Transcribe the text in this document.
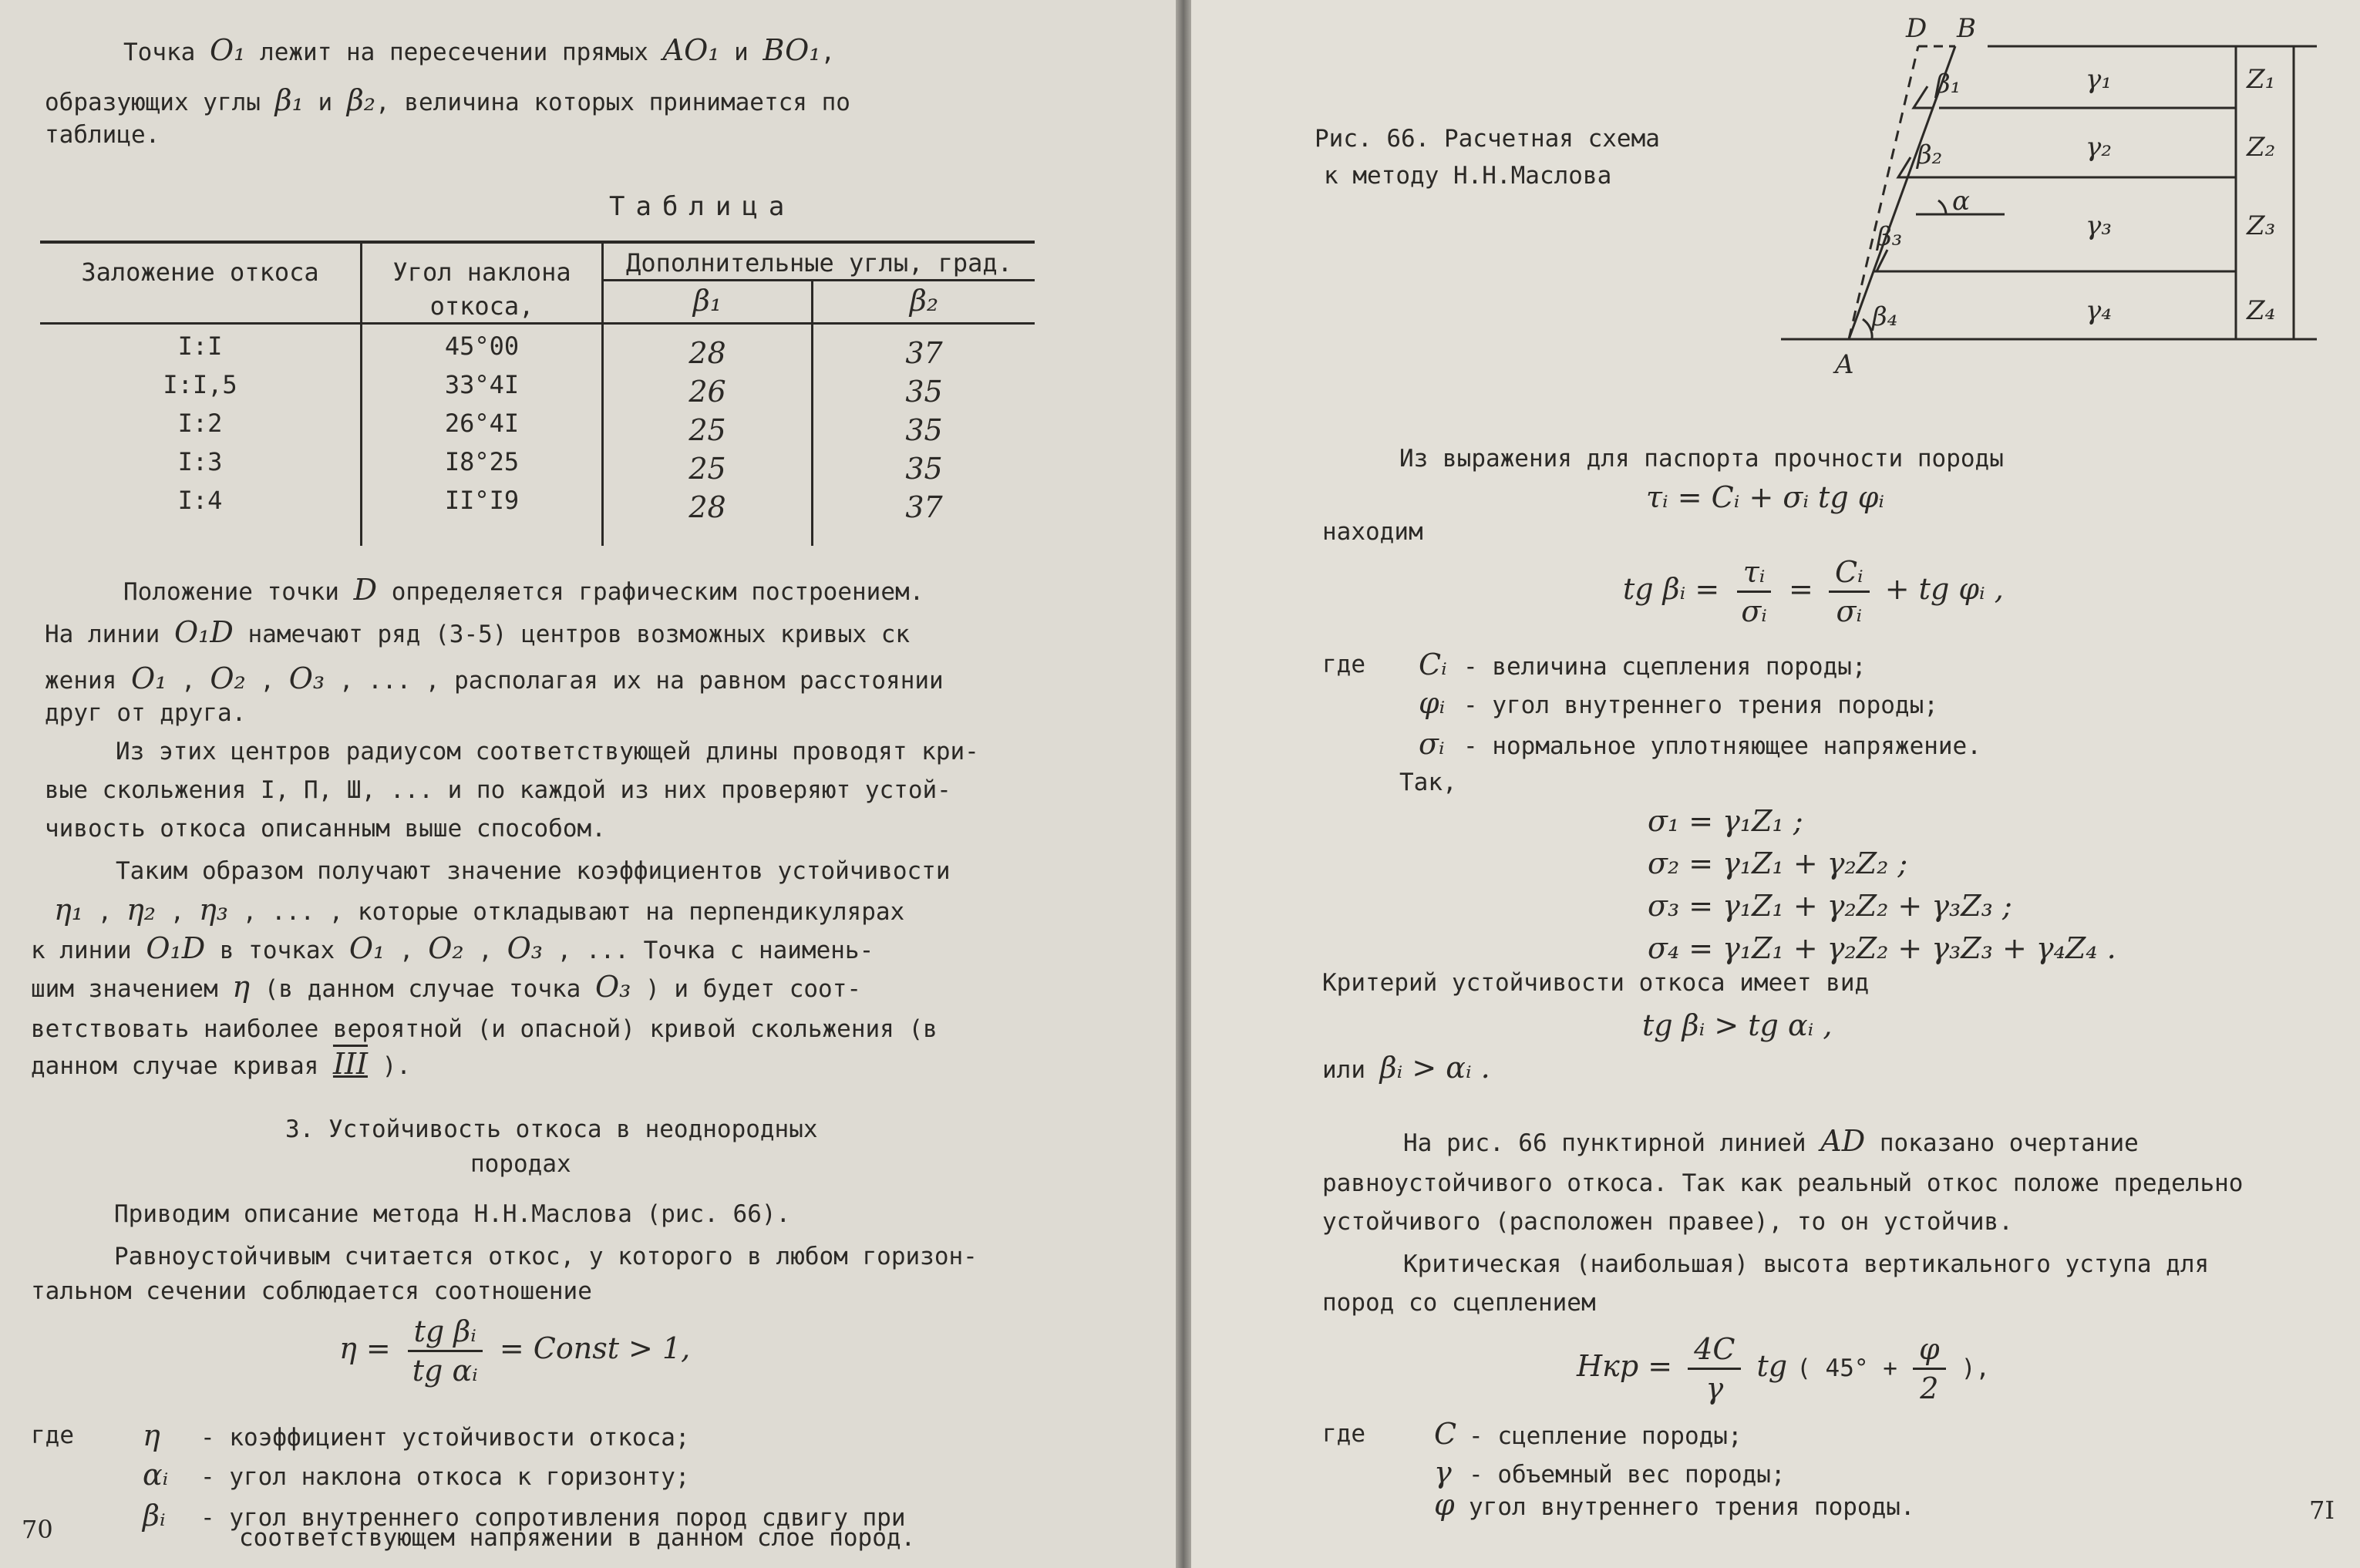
Точка O₁ лежит на пересечении прямых AO₁ и BO₁,
образующих углы β₁ и β₂, величина которых принимается по
таблице.
Таблица
Заложение откоса	Угол наклона
откоса,
Дополнительные углы, град.
β₁	β₂
I:I	45°00	28	37
I:I,5	33°4I	26	35
I:2	26°4I	25	35
I:3	I8°25	25	35
I:4	II°I9	28	37
Положение точки D определяется графическим построением.
На линии O₁D намечают ряд (3-5) центров возможных кривых ск
жения O₁ , O₂ , O₃ , ... , располагая их на равном расстоянии
друг от друга.
Из этих центров радиусом соответствующей длины проводят кри-
вые скольжения I, П, Ш, ... и по каждой из них проверяют устой-
чивость откоса описанным выше способом.
Таким образом получают значение коэффициентов устойчивости
η₁ , η₂ , η₃ , ... , которые откладывают на перпендикулярах
к линии O₁D в точках O₁ , O₂ , O₃ , ... Точка с наимень-
шим значением η (в данном случае точка O₃ ) и будет соот-
ветствовать наиболее вероятной (и опасной) кривой скольжения (в
данном случае кривая III ).
3. Устойчивость откоса в неоднородных
породах
Приводим описание метода Н.Н.Маслова (рис. 66).
Равноустойчивым считается откос, у которого в любом горизон-
тальном сечении соблюдается соотношение
$\eta = \frac{\text{tg βᵢ}}{\text{tg αᵢ}}$ = Const > 1,
где η - коэффициент устойчивости откоса;
αᵢ - угол наклона откоса к горизонту;
βᵢ - угол внутреннего сопротивления пород сдвигу при
соответствующем напряжении в данном слое пород.
70
Рис. 66. Расчетная схема
к методу Н.Н.Маслова
D B
A
β₁
β₂
β₃
β₄
α
γ₁
γ₂
γ₃
γ₄
Z₁
Z₂
Z₃
Z₄
Из выражения для паспорта прочности породы
τᵢ = Cᵢ + σᵢ tg φᵢ
находим
tg βᵢ = $\frac{\text{τᵢ}}{\text{σᵢ}} = \frac{\text{Cᵢ}}{\text{σᵢ}}$ + tg φᵢ ,
где Cᵢ - величина сцепления породы;
φᵢ - угол внутреннего трения породы;
σᵢ - нормальное уплотняющее напряжение.
Так,
σ₁ = γ₁Z₁ ;
σ₂ = γ₁Z₁ + γ₂Z₂ ;
σ₃ = γ₁Z₁ + γ₂Z₂ + γ₃Z₃ ;
σ₄ = γ₁Z₁ + γ₂Z₂ + γ₃Z₃ + γ₄Z₄ .
Критерий устойчивости откоса имеет вид
tg βᵢ > tg αᵢ ,
или βᵢ > αᵢ .
На рис. 66 пунктирной линией AD показано очертание
равноустойчивого откоса. Так как реальный откос положе предельно
устойчивого (расположен правее), то он устойчив.
Критическая (наибольшая) высота вертикального уступа для
пород со сцеплением
Hкр = $\frac{4C}{\gamma}$ tg ( $45^\circ + \frac{\varphi}{2}$ ),
где C - сцепление породы;
γ - объемный вес породы;
φ угол внутреннего трения породы.	7I
